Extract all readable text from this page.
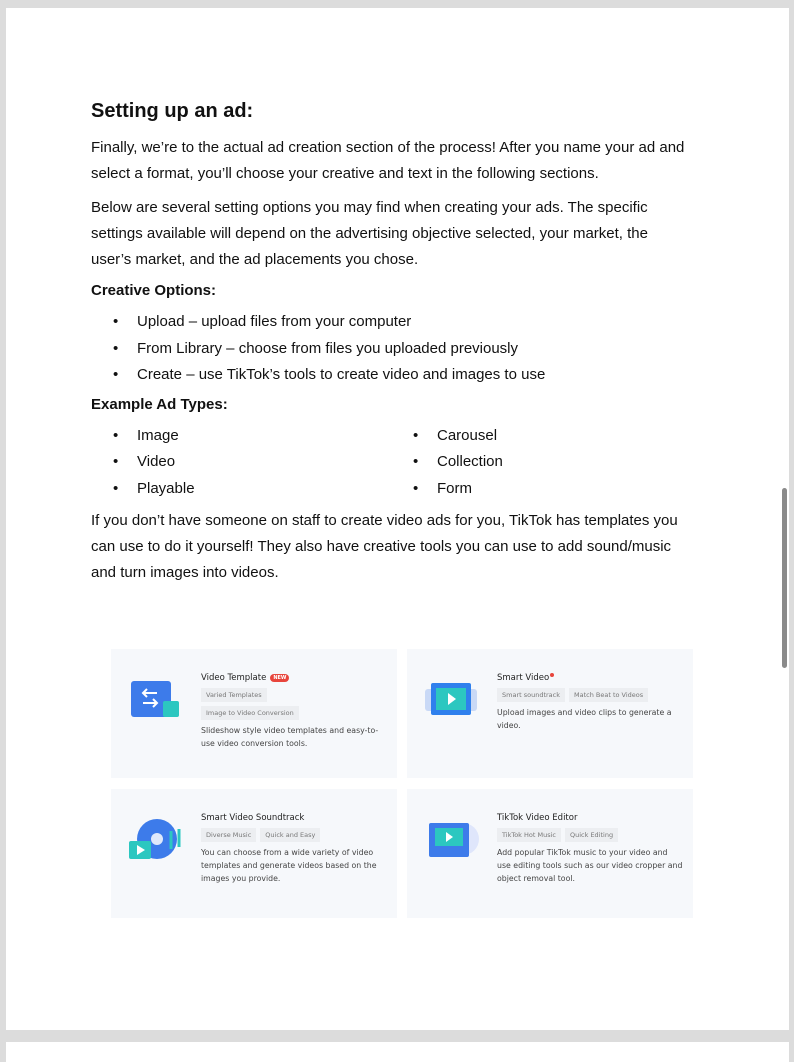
Setting up an ad:

Finally, we’re to the actual ad creation section of the process! After you name your ad and select a format, you’ll choose your creative and text in the following sections.

Below are several setting options you may find when creating your ads. The specific settings available will depend on the advertising objective selected, your market, the user’s market, and the ad placements you chose.

Creative Options:
• Upload – upload files from your computer
• From Library – choose from files you uploaded previously
• Create – use TikTok’s tools to create video and images to use
Example Ad Types:
• Image
• Video
• Playable
• Carousel
• Collection
• Form

If you don’t have someone on staff to create video ads for you, TikTok has templates you can use to do it yourself! They also have creative tools you can use to add sound/music and turn images into videos.

Video Template	NEW
Varied Templates
Image to Video Conversion
Slideshow style video templates and easy-to-use video conversion tools.
Smart Video
Smart soundtrack	Match Beat to Videos
Upload images and video clips to generate a video.
Smart Video Soundtrack
Diverse Music	Quick and Easy
You can choose from a wide variety of video templates and generate videos based on the images you provide.
TikTok Video Editor
TikTok Hot Music	Quick Editing
Add popular TikTok music to your video and use editing tools such as our video cropper and object removal tool.
